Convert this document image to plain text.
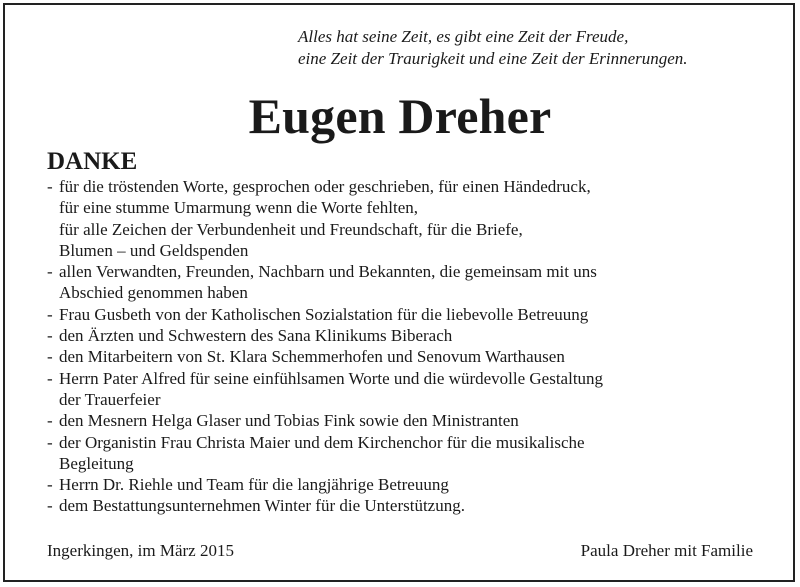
Alles hat seine Zeit, es gibt eine Zeit der Freude,
eine Zeit der Traurigkeit und eine Zeit der Erinnerungen.
Eugen Dreher
DANKE
- für die tröstenden Worte, gesprochen oder geschrieben, für einen Händedruck,
für eine stumme Umarmung wenn die Worte fehlten,
für alle Zeichen der Verbundenheit und Freundschaft, für die Briefe,
Blumen – und Geldspenden
- allen Verwandten, Freunden, Nachbarn und Bekannten, die gemeinsam mit uns
Abschied genommen haben
- Frau Gusbeth von der Katholischen Sozialstation für die liebevolle Betreuung
- den Ärzten und Schwestern des Sana Klinikums Biberach
- den Mitarbeitern von St. Klara Schemmerhofen und Senovum Warthausen
- Herrn Pater Alfred für seine einfühlsamen Worte und die würdevolle Gestaltung
der Trauerfeier
- den Mesnern Helga Glaser und Tobias Fink sowie den Ministranten
- der Organistin Frau Christa Maier und dem Kirchenchor für die musikalische
Begleitung
- Herrn Dr. Riehle und Team für die langjährige Betreuung
- dem Bestattungsunternehmen Winter für die Unterstützung.

Ingerkingen, im März 2015	Paula Dreher mit Familie
